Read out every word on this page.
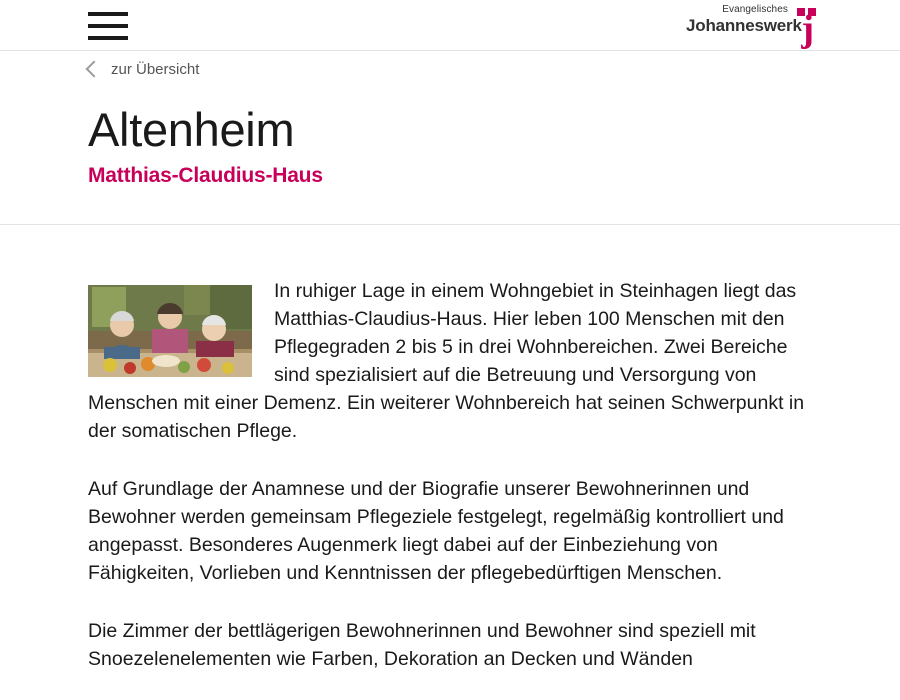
Evangelisches
Johanneswerk j
zur Übersicht
Altenheim
Matthias-Claudius-Haus

In ruhiger Lage in einem Wohngebiet in Steinhagen liegt das Matthias-Claudius-Haus. Hier leben 100 Menschen mit den Pflegegraden 2 bis 5 in drei Wohnbereichen. Zwei Bereiche sind spezialisiert auf die Betreuung und Versorgung von Menschen mit einer Demenz. Ein weiterer Wohnbereich hat seinen Schwerpunkt in der somatischen Pflege.

Auf Grundlage der Anamnese und der Biografie unserer Bewohnerinnen und Bewohner werden gemeinsam Pflegeziele festgelegt, regelmäßig kontrolliert und angepasst. Besonderes Augenmerk liegt dabei auf der Einbeziehung von Fähigkeiten, Vorlieben und Kenntnissen der pflegebedürftigen Menschen.

Die Zimmer der bettlägerigen Bewohnerinnen und Bewohner sind speziell mit Snoezelenelementen wie Farben, Dekoration an Decken und Wänden
